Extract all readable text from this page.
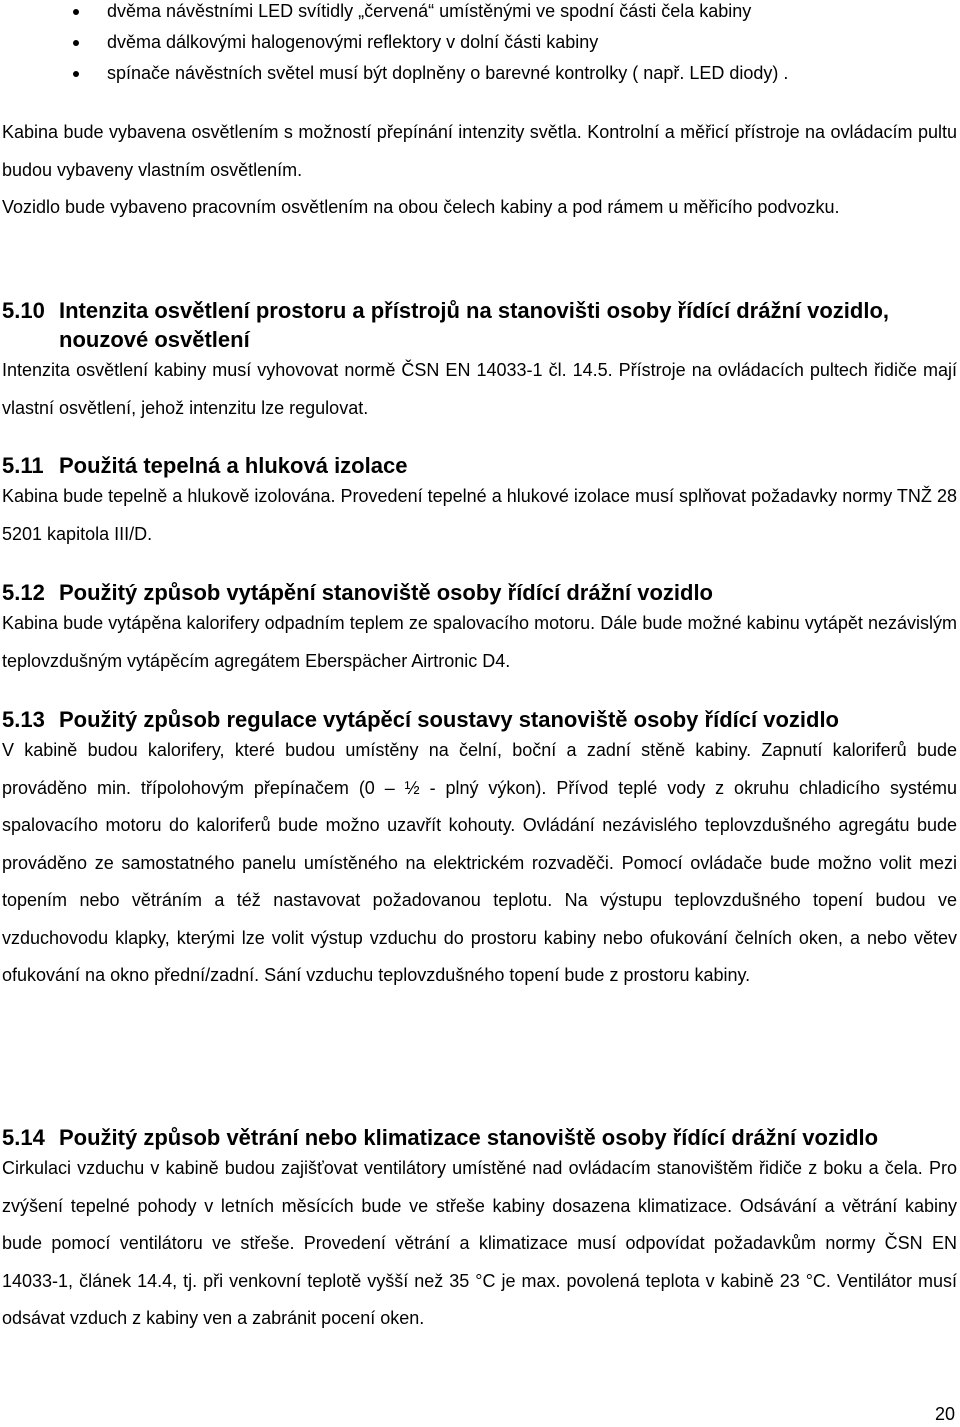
dvěma návěstními LED svítidly „červená“ umístěnými ve spodní části čela kabiny
dvěma dálkovými halogenovými reflektory v dolní části kabiny
spínače návěstních světel musí být doplněny o barevné kontrolky ( např. LED diody) .

Kabina bude vybavena osvětlením s možností přepínání intenzity světla. Kontrolní a měřicí přístroje na ovládacím pultu budou vybaveny vlastním osvětlením.

Vozidlo bude vybaveno pracovním osvětlením na obou čelech kabiny a pod rámem u měřicího podvozku.

5.10 Intenzita osvětlení prostoru a přístrojů na stanovišti osoby řídící drážní vozidlo, nouzové osvětlení

Intenzita osvětlení kabiny musí vyhovovat normě ČSN EN 14033-1 čl. 14.5. Přístroje na ovládacích pultech řidiče mají vlastní osvětlení, jehož intenzitu lze regulovat.

5.11 Použitá tepelná a hluková izolace

Kabina bude tepelně a hlukově izolována. Provedení tepelné a hlukové izolace musí splňovat požadavky normy TNŽ 28 5201 kapitola III/D.

5.12 Použitý způsob vytápění stanoviště osoby řídící drážní vozidlo

Kabina bude vytápěna kalorifery odpadním teplem ze spalovacího motoru. Dále bude možné kabinu vytápět nezávislým teplovzdušným vytápěcím agregátem Eberspächer Airtronic D4.

5.13 Použitý způsob regulace vytápěcí soustavy stanoviště osoby řídící vozidlo

V kabině budou kalorifery, které budou umístěny na čelní, boční a zadní stěně kabiny. Zapnutí kaloriferů bude prováděno min. třípolohovým přepínačem (0 – ½ - plný výkon). Přívod teplé vody z okruhu chladicího systému spalovacího motoru do kaloriferů bude možno uzavřít kohouty. Ovládání nezávislého teplovzdušného agregátu bude prováděno ze samostatného panelu umístěného na elektrickém rozvaděči. Pomocí ovládače bude možno volit mezi topením nebo větráním a též nastavovat požadovanou teplotu. Na výstupu teplovzdušného topení budou ve vzduchovodu klapky, kterými lze volit výstup vzduchu do prostoru kabiny nebo ofukování čelních oken, a nebo větev ofukování na okno přední/zadní. Sání vzduchu teplovzdušného topení bude z prostoru kabiny.

5.14 Použitý způsob větrání nebo klimatizace stanoviště osoby řídící drážní vozidlo

Cirkulaci vzduchu v kabině budou zajišťovat ventilátory umístěné nad ovládacím stanovištěm řidiče z boku a čela. Pro zvýšení tepelné pohody v letních měsících bude ve střeše kabiny dosazena klimatizace. Odsávání a větrání kabiny bude pomocí ventilátoru ve střeše. Provedení větrání a klimatizace musí odpovídat požadavkům normy ČSN EN 14033-1, článek 14.4, tj. při venkovní teplotě vyšší než 35 °C je max. povolená teplota v kabině 23 °C. Ventilátor musí odsávat vzduch z kabiny ven a zabránit pocení oken.

20
